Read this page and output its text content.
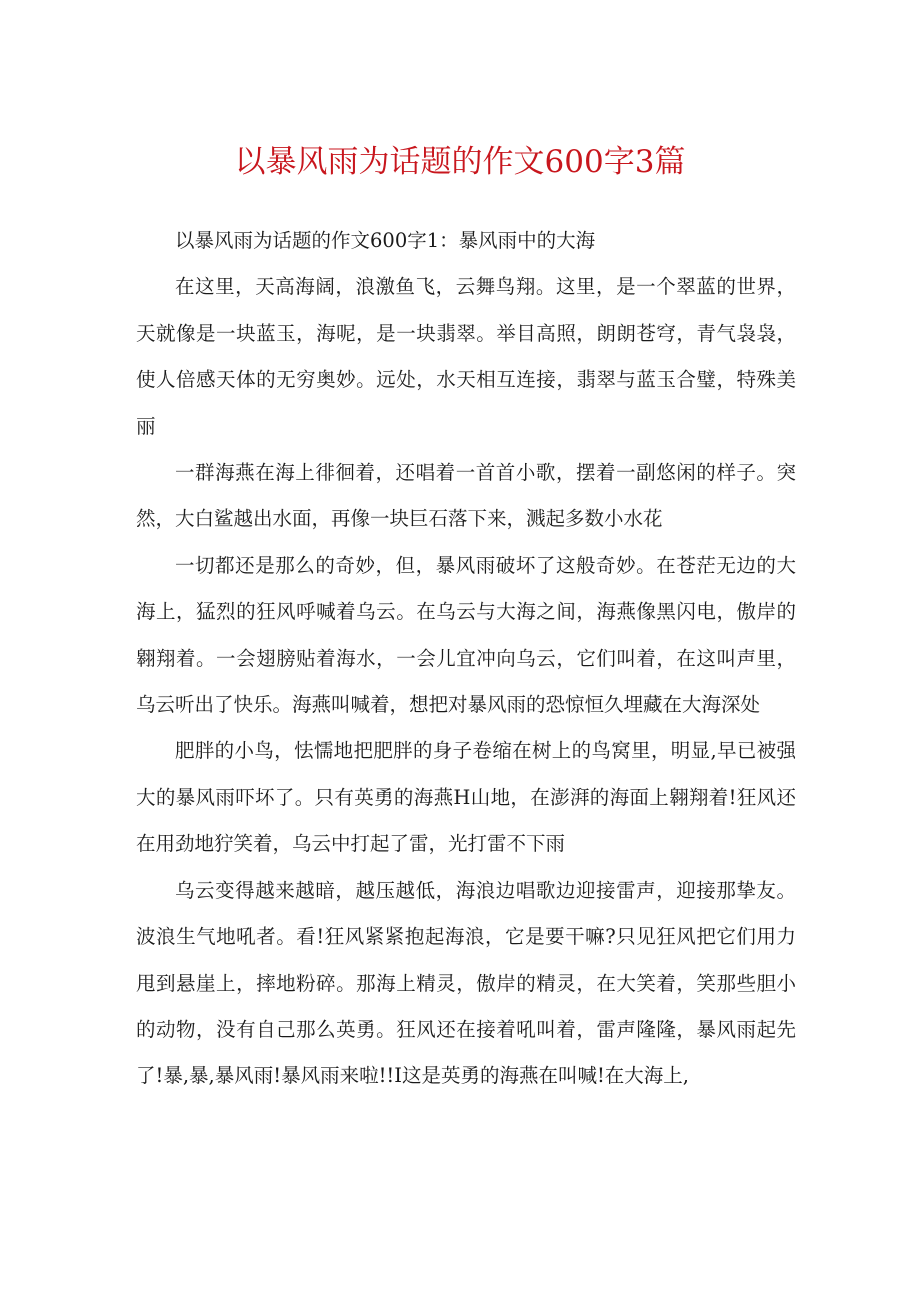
以暴风雨为话题的作文600字3篇

以暴风雨为话题的作文600字1：暴风雨中的大海

在这里，天高海阔，浪激鱼飞，云舞鸟翔。这里，是一个翠蓝的世界，天就像是一块蓝玉，海呢，是一块翡翠。举目高照，朗朗苍穹，青气袅袅，使人倍感天体的无穷奥妙。远处，水天相互连接，翡翠与蓝玉合璧，特殊美丽

一群海燕在海上徘徊着，还唱着一首首小歌，摆着一副悠闲的样子。突然，大白鲨越出水面，再像一块巨石落下来，溅起多数小水花

一切都还是那么的奇妙，但，暴风雨破坏了这般奇妙。在苍茫无边的大海上，猛烈的狂风呼喊着乌云。在乌云与大海之间，海燕像黑闪电，傲岸的翱翔着。一会翅膀贴着海水，一会儿宜冲向乌云，它们叫着，在这叫声里，乌云听出了快乐。海燕叫喊着，想把对暴风雨的恐惊恒久埋藏在大海深处

肥胖的小鸟，怯懦地把肥胖的身子卷缩在树上的鸟窝里，明显,早已被强大的暴风雨吓坏了。只有英勇的海燕H山地，在澎湃的海面上翱翔着!狂风还在用劲地狞笑着，乌云中打起了雷，光打雷不下雨

乌云变得越来越暗，越压越低，海浪边唱歌边迎接雷声，迎接那挚友。波浪生气地吼者。看!狂风紧紧抱起海浪，它是要干嘛?只见狂风把它们用力甩到悬崖上，摔地粉碎。那海上精灵，傲岸的精灵，在大笑着，笑那些胆小的动物，没有自己那么英勇。狂风还在接着吼叫着，雷声隆隆，暴风雨起先了!暴,暴,暴风雨!暴风雨来啦!!I这是英勇的海燕在叫喊!在大海上,
